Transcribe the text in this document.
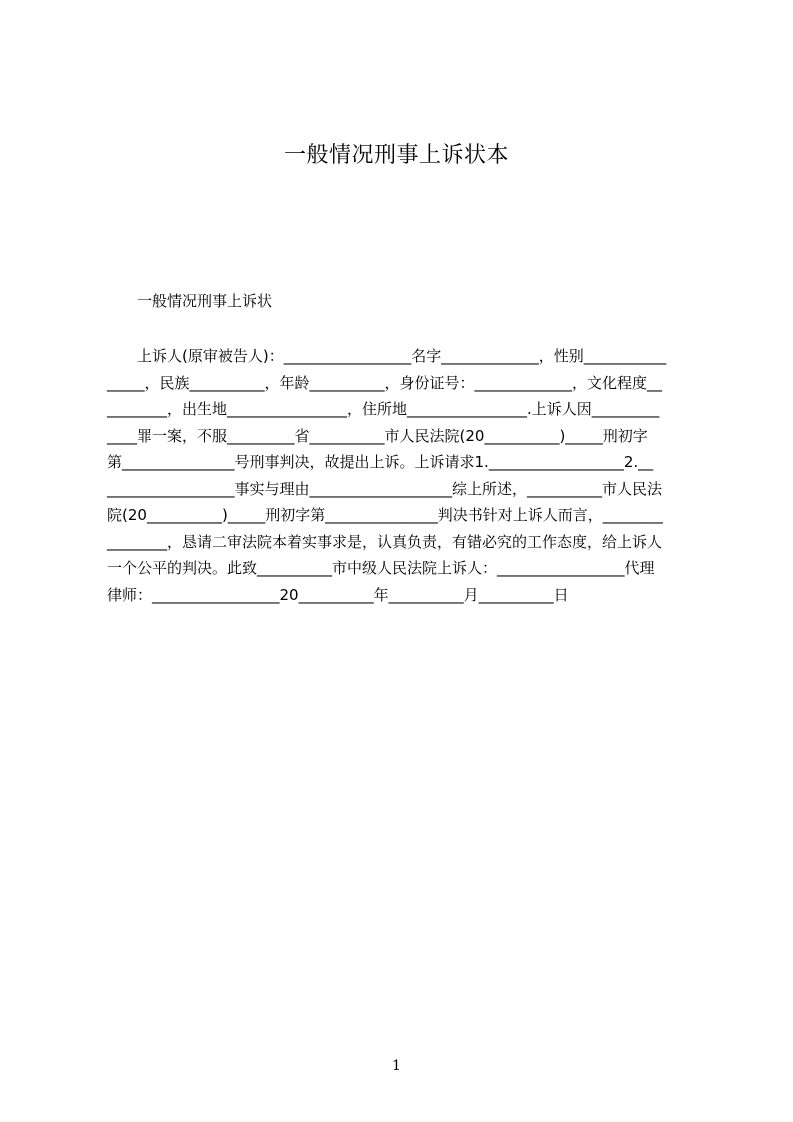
一般情况刑事上诉状本

一般情况刑事上诉状

上诉人(原审被告人)：_________________名字_____________，性别___________
_____，民族__________，年龄__________，身份证号：_____________，文化程度__
________，出生地________________，住所地________________.上诉人因_________
____罪一案，不服_________省__________市人民法院(20__________)_____刑初字
第_______________号刑事判决，故提出上诉。上诉请求1.__________________2.__
_________________事实与理由___________________综上所述，__________市人民法
院(20__________)_____刑初字第_______________判决书针对上诉人而言，________
________，恳请二审法院本着实事求是，认真负责，有错必究的工作态度，给上诉人
一个公平的判决。此致__________市中级人民法院上诉人：_________________代理
律师：_________________20__________年__________月__________日
1
